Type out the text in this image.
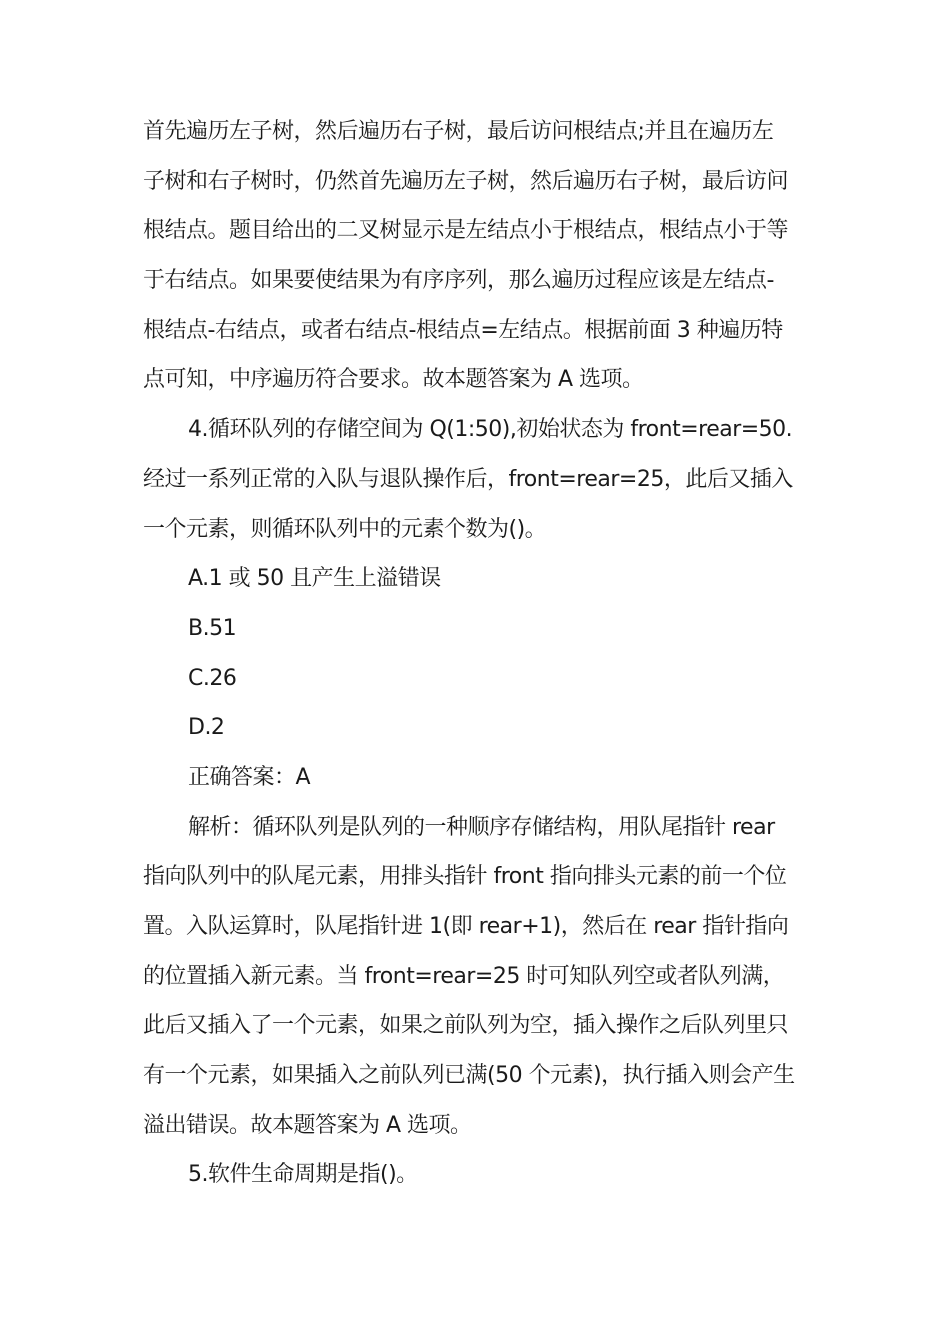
首先遍历左子树，然后遍历右子树，最后访问根结点;并且在遍历左
子树和右子树时，仍然首先遍历左子树，然后遍历右子树，最后访问
根结点。题目给出的二叉树显示是左结点小于根结点，根结点小于等
于右结点。如果要使结果为有序序列，那么遍历过程应该是左结点-
根结点-右结点，或者右结点-根结点=左结点。根据前面 3 种遍历特
点可知，中序遍历符合要求。故本题答案为 A 选项。
4.循环队列的存储空间为 Q(1:50),初始状态为 front=rear=50.
经过一系列正常的入队与退队操作后，front=rear=25，此后又插入
一个元素，则循环队列中的元素个数为()。
A.1 或 50 且产生上溢错误
B.51
C.26
D.2
正确答案：A
解析：循环队列是队列的一种顺序存储结构，用队尾指针 rear
指向队列中的队尾元素，用排头指针 front 指向排头元素的前一个位
置。入队运算时，队尾指针进 1(即 rear+1)，然后在 rear 指针指向
的位置插入新元素。当 front=rear=25 时可知队列空或者队列满，
此后又插入了一个元素，如果之前队列为空，插入操作之后队列里只
有一个元素，如果插入之前队列已满(50 个元素)，执行插入则会产生
溢出错误。故本题答案为 A 选项。
5.软件生命周期是指()。
